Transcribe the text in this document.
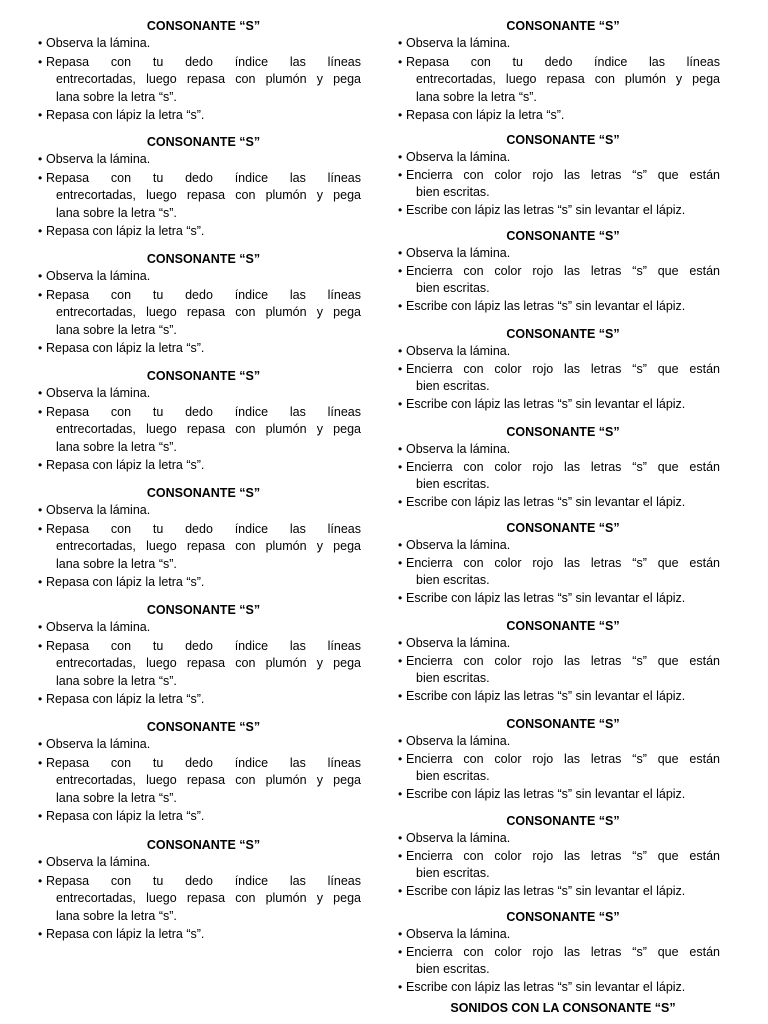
CONSONANTE “S”
• Observa la lámina.
• Repasa con tu dedo índice las líneas
entrecortadas, luego repasa con plumón y pega
lana sobre la letra “s”.
• Repasa con lápiz la letra “s”.
CONSONANTE “S”
• Observa la lámina.
• Repasa con tu dedo índice las líneas
entrecortadas, luego repasa con plumón y pega
lana sobre la letra “s”.
• Repasa con lápiz la letra “s”.
CONSONANTE “S”
• Observa la lámina.
• Repasa con tu dedo índice las líneas
entrecortadas, luego repasa con plumón y pega
lana sobre la letra “s”.
• Repasa con lápiz la letra “s”.
CONSONANTE “S”
• Observa la lámina.
• Repasa con tu dedo índice las líneas
entrecortadas, luego repasa con plumón y pega
lana sobre la letra “s”.
• Repasa con lápiz la letra “s”.
CONSONANTE “S”
• Observa la lámina.
• Repasa con tu dedo índice las líneas
entrecortadas, luego repasa con plumón y pega
lana sobre la letra “s”.
• Repasa con lápiz la letra “s”.
CONSONANTE “S”
• Observa la lámina.
• Repasa con tu dedo índice las líneas
entrecortadas, luego repasa con plumón y pega
lana sobre la letra “s”.
• Repasa con lápiz la letra “s”.
CONSONANTE “S”
• Observa la lámina.
• Repasa con tu dedo índice las líneas
entrecortadas, luego repasa con plumón y pega
lana sobre la letra “s”.
• Repasa con lápiz la letra “s”.
CONSONANTE “S”
• Observa la lámina.
• Repasa con tu dedo índice las líneas
entrecortadas, luego repasa con plumón y pega
lana sobre la letra “s”.
• Repasa con lápiz la letra “s”.
CONSONANTE “S”
• Observa la lámina.
• Repasa con tu dedo índice las líneas
entrecortadas, luego repasa con plumón y pega
lana sobre la letra “s”.
• Repasa con lápiz la letra “s”.
CONSONANTE “S”
• Observa la lámina.
• Encierra con color rojo las letras “s” que están
bien escritas.
• Escribe con lápiz las letras “s” sin levantar el lápiz.
CONSONANTE “S”
• Observa la lámina.
• Encierra con color rojo las letras “s” que están
bien escritas.
• Escribe con lápiz las letras “s” sin levantar el lápiz.
CONSONANTE “S”
• Observa la lámina.
• Encierra con color rojo las letras “s” que están
bien escritas.
• Escribe con lápiz las letras “s” sin levantar el lápiz.
CONSONANTE “S”
• Observa la lámina.
• Encierra con color rojo las letras “s” que están
bien escritas.
• Escribe con lápiz las letras “s” sin levantar el lápiz.
CONSONANTE “S”
• Observa la lámina.
• Encierra con color rojo las letras “s” que están
bien escritas.
• Escribe con lápiz las letras “s” sin levantar el lápiz.
CONSONANTE “S”
• Observa la lámina.
• Encierra con color rojo las letras “s” que están
bien escritas.
• Escribe con lápiz las letras “s” sin levantar el lápiz.
CONSONANTE “S”
• Observa la lámina.
• Encierra con color rojo las letras “s” que están
bien escritas.
• Escribe con lápiz las letras “s” sin levantar el lápiz.
CONSONANTE “S”
• Observa la lámina.
• Encierra con color rojo las letras “s” que están
bien escritas.
• Escribe con lápiz las letras “s” sin levantar el lápiz.
CONSONANTE “S”
• Observa la lámina.
• Encierra con color rojo las letras “s” que están
bien escritas.
• Escribe con lápiz las letras “s” sin levantar el lápiz.
SONIDOS CON LA CONSONANTE “S”
